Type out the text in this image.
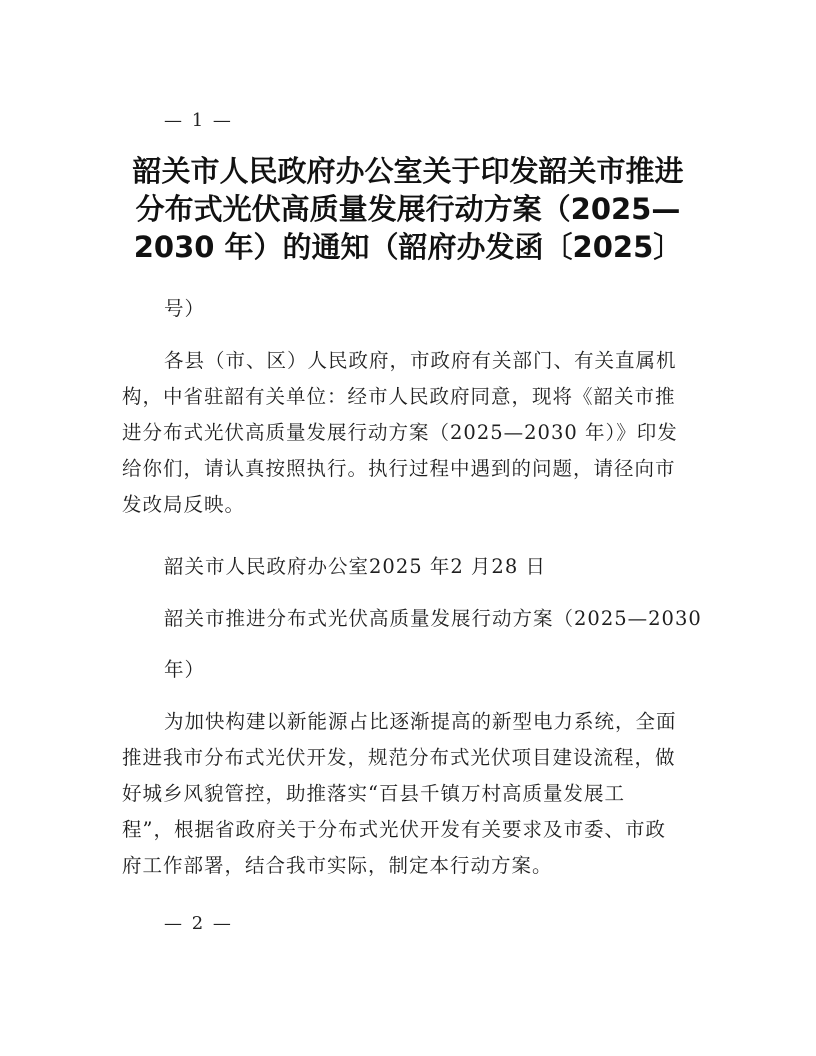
— 1 —
韶关市人民政府办公室关于印发韶关市推进
分布式光伏高质量发展行动方案（2025—
2030 年）的通知（韶府办发函〔2025〕
号）
各县（市、区）人民政府，市政府有关部门、有关直属机
构，中省驻韶有关单位：经市人民政府同意，现将《韶关市推
进分布式光伏高质量发展行动方案（2025—2030 年）》印发
给你们，请认真按照执行。执行过程中遇到的问题，请径向市
发改局反映。
韶关市人民政府办公室2025 年2 月28 日
韶关市推进分布式光伏高质量发展行动方案（2025—2030
年）
为加快构建以新能源占比逐渐提高的新型电力系统，全面
推进我市分布式光伏开发，规范分布式光伏项目建设流程，做
好城乡风貌管控，助推落实“百县千镇万村高质量发展工
程”，根据省政府关于分布式光伏开发有关要求及市委、市政
府工作部署，结合我市实际，制定本行动方案。
— 2 —
